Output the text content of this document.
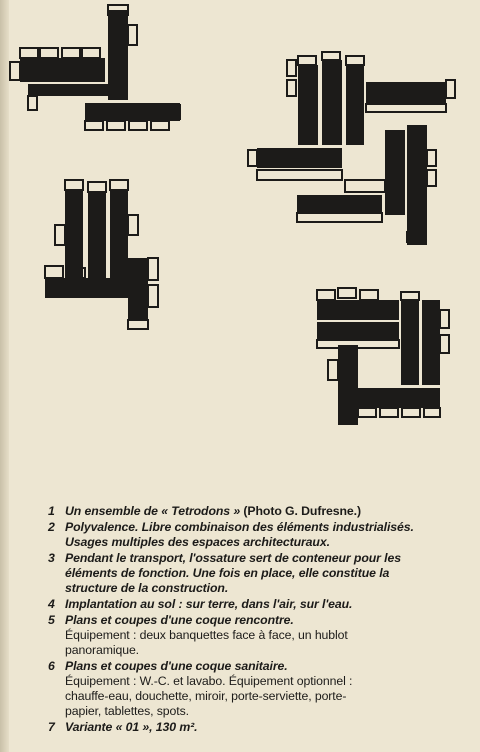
1 Un ensemble de « Tetrodons » (Photo G. Dufresne.)
2 Polyvalence. Libre combinaison des éléments industrialisés.
Usages multiples des espaces architecturaux.
3 Pendant le transport, l'ossature sert de conteneur pour les
éléments de fonction. Une fois en place, elle constitue la
structure de la construction.
4 Implantation au sol : sur terre, dans l'air, sur l'eau.
5 Plans et coupes d'une coque rencontre.
Équipement : deux banquettes face à face, un hublot
panoramique.
6 Plans et coupes d'une coque sanitaire.
Équipement : W.-C. et lavabo. Équipement optionnel :
chauffe-eau, douchette, miroir, porte-serviette, porte-
papier, tablettes, spots.
7 Variante « 01 », 130 m².
